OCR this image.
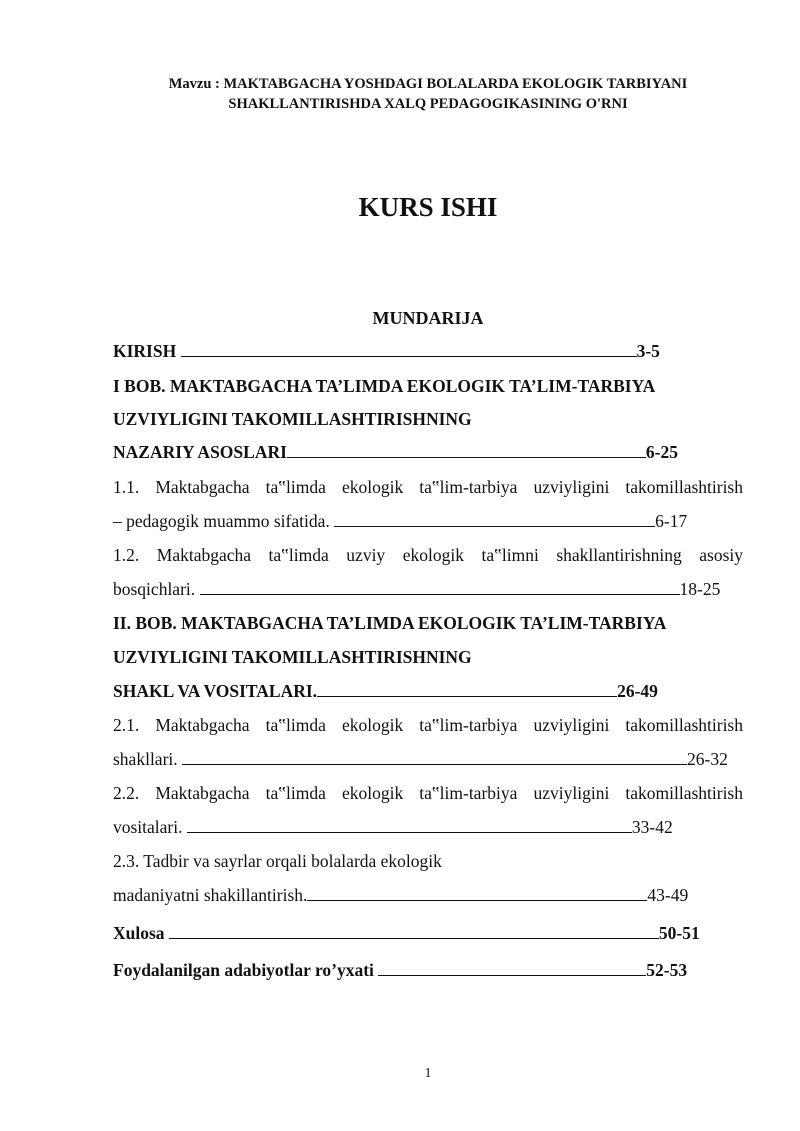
Mavzu : MAKTABGACHA YOSHDAGI BOLALARDA EKOLOGIK TARBIYANI
SHAKLLANTIRISHDA XALQ PEDAGOGIKASINING O'RNI
KURS ISHI
MUNDARIJA
KIRISH	3-5
I BOB. MAKTABGACHA TA’LIMDA EKOLOGIK TA’LIM-TARBIYA
UZVIYLIGINI TAKOMILLASHTIRISHNING
NAZARIY ASOSLARI	6-25
1.1. Maktabgacha ta‟limda ekologik ta‟lim-tarbiya uzviyligini takomillashtirish
– pedagogik muammo sifatida.	6-17
1.2. Maktabgacha ta‟limda uzviy ekologik ta‟limni shakllantirishning asosiy
bosqichlari.	18-25
II. BOB. MAKTABGACHA TA’LIMDA EKOLOGIK TA’LIM-TARBIYA
UZVIYLIGINI TAKOMILLASHTIRISHNING
SHAKL VA VOSITALARI.	26-49
2.1. Maktabgacha ta‟limda ekologik ta‟lim-tarbiya uzviyligini takomillashtirish
shakllari.	26-32
2.2. Maktabgacha ta‟limda ekologik ta‟lim-tarbiya uzviyligini takomillashtirish
vositalari.	33-42
2.3. Tadbir va sayrlar orqali bolalarda ekologik
madaniyatni shakillantirish.	43-49
Xulosa	50-51
Foydalanilgan adabiyotlar ro’yxati	52-53
1
